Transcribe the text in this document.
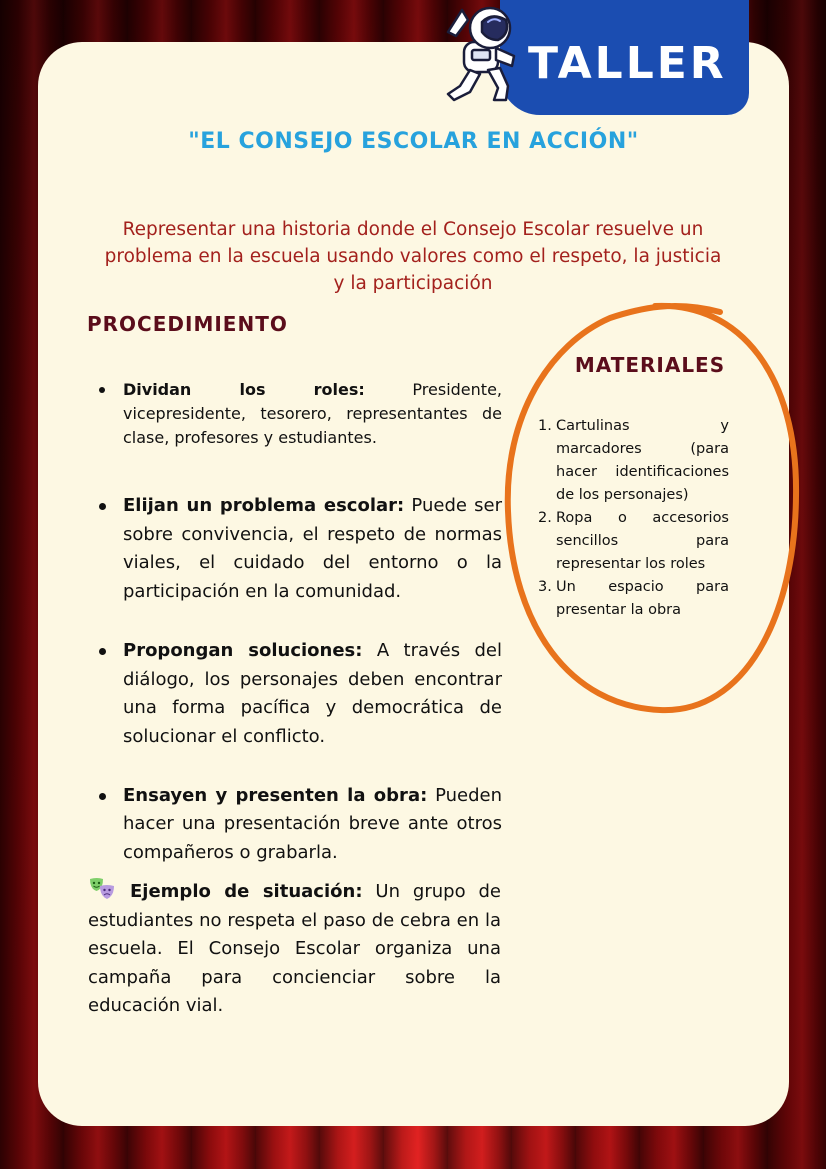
TALLER
"EL CONSEJO ESCOLAR EN ACCIÓN"
Representar una historia donde el Consejo Escolar resuelve un problema en la escuela usando valores como el respeto, la justicia y la participación
PROCEDIMIENTO
Dividan los roles: Presidente, vicepresidente, tesorero, representantes de clase, profesores y estudiantes.
Elijan un problema escolar: Puede ser sobre convivencia, el respeto de normas viales, el cuidado del entorno o la participación en la comunidad.
Propongan soluciones: A través del diálogo, los personajes deben encontrar una forma pacífica y democrática de solucionar el conflicto.
Ensayen y presenten la obra: Pueden hacer una presentación breve ante otros compañeros o grabarla.
Ejemplo de situación: Un grupo de estudiantes no respeta el paso de cebra en la escuela. El Consejo Escolar organiza una campaña para concienciar sobre la educación vial.
MATERIALES
1. Cartulinas y marcadores (para hacer identificaciones de los personajes)
2. Ropa o accesorios sencillos para representar los roles
3. Un espacio para presentar la obra
